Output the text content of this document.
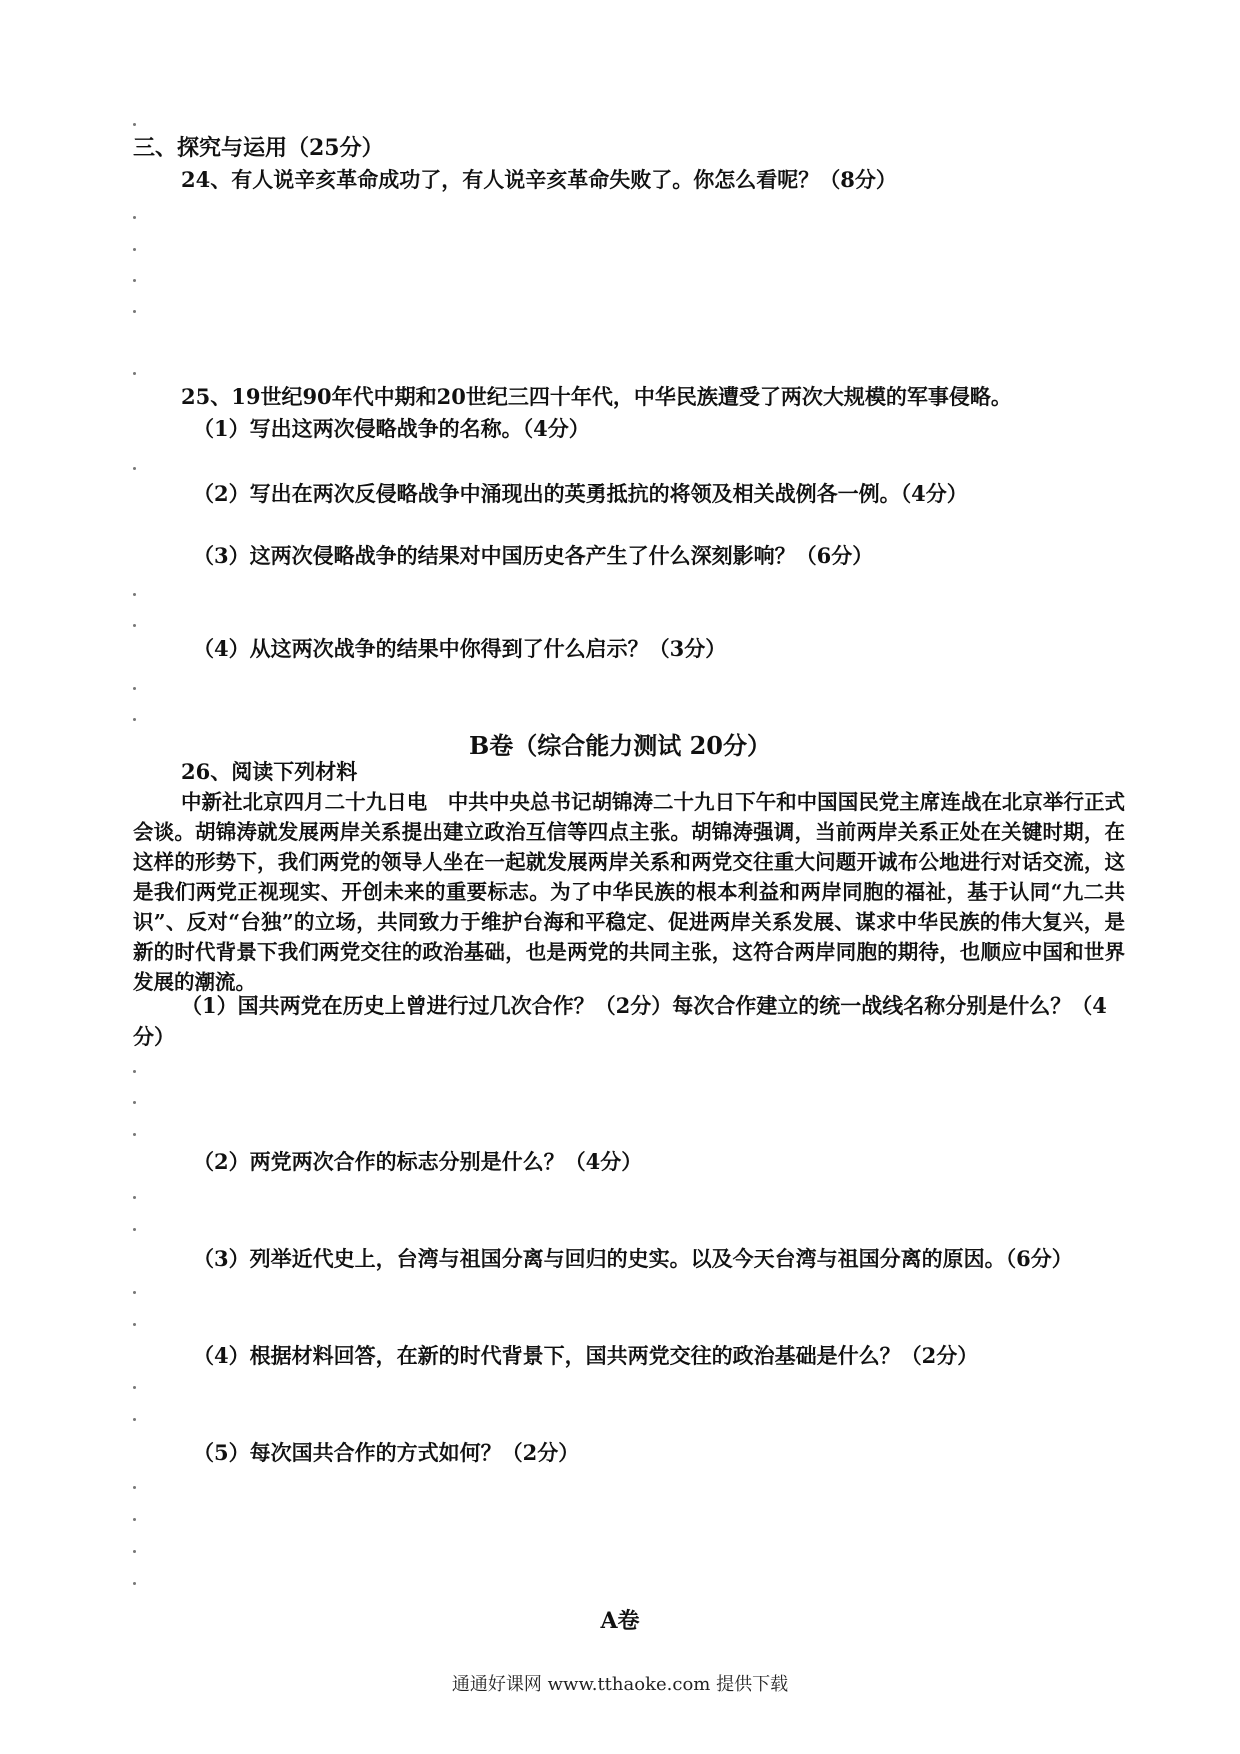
三、探究与运用（25分）
24、有人说辛亥革命成功了，有人说辛亥革命失败了。你怎么看呢？（8分）
25、19世纪90年代中期和20世纪三四十年代，中华民族遭受了两次大规模的军事侵略。
（1）写出这两次侵略战争的名称。（4分）
（2）写出在两次反侵略战争中涌现出的英勇抵抗的将领及相关战例各一例。（4分）
（3）这两次侵略战争的结果对中国历史各产生了什么深刻影响？（6分）
（4）从这两次战争的结果中你得到了什么启示？（3分）
B卷（综合能力测试 20分）
26、阅读下列材料
中新社北京四月二十九日电　中共中央总书记胡锦涛二十九日下午和中国国民党主席连战在北京举行正式会谈。胡锦涛就发展两岸关系提出建立政治互信等四点主张。胡锦涛强调，当前两岸关系正处在关键时期，在这样的形势下，我们两党的领导人坐在一起就发展两岸关系和两党交往重大问题开诚布公地进行对话交流，这是我们两党正视现实、开创未来的重要标志。为了中华民族的根本利益和两岸同胞的福祉，基于认同“九二共识”、反对“台独”的立场，共同致力于维护台海和平稳定、促进两岸关系发展、谋求中华民族的伟大复兴，是新的时代背景下我们两党交往的政治基础，也是两党的共同主张，这符合两岸同胞的期待，也顺应中国和世界发展的潮流。
（1）国共两党在历史上曾进行过几次合作？（2分）每次合作建立的统一战线名称分别是什么？（4
分）
（2）两党两次合作的标志分别是什么？（4分）
（3）列举近代史上，台湾与祖国分离与回归的史实。以及今天台湾与祖国分离的原因。（6分）
（4）根据材料回答，在新的时代背景下，国共两党交往的政治基础是什么？（2分）
（5）每次国共合作的方式如何？（2分）
A卷
通通好课网 www.tthaoke.com 提供下载
